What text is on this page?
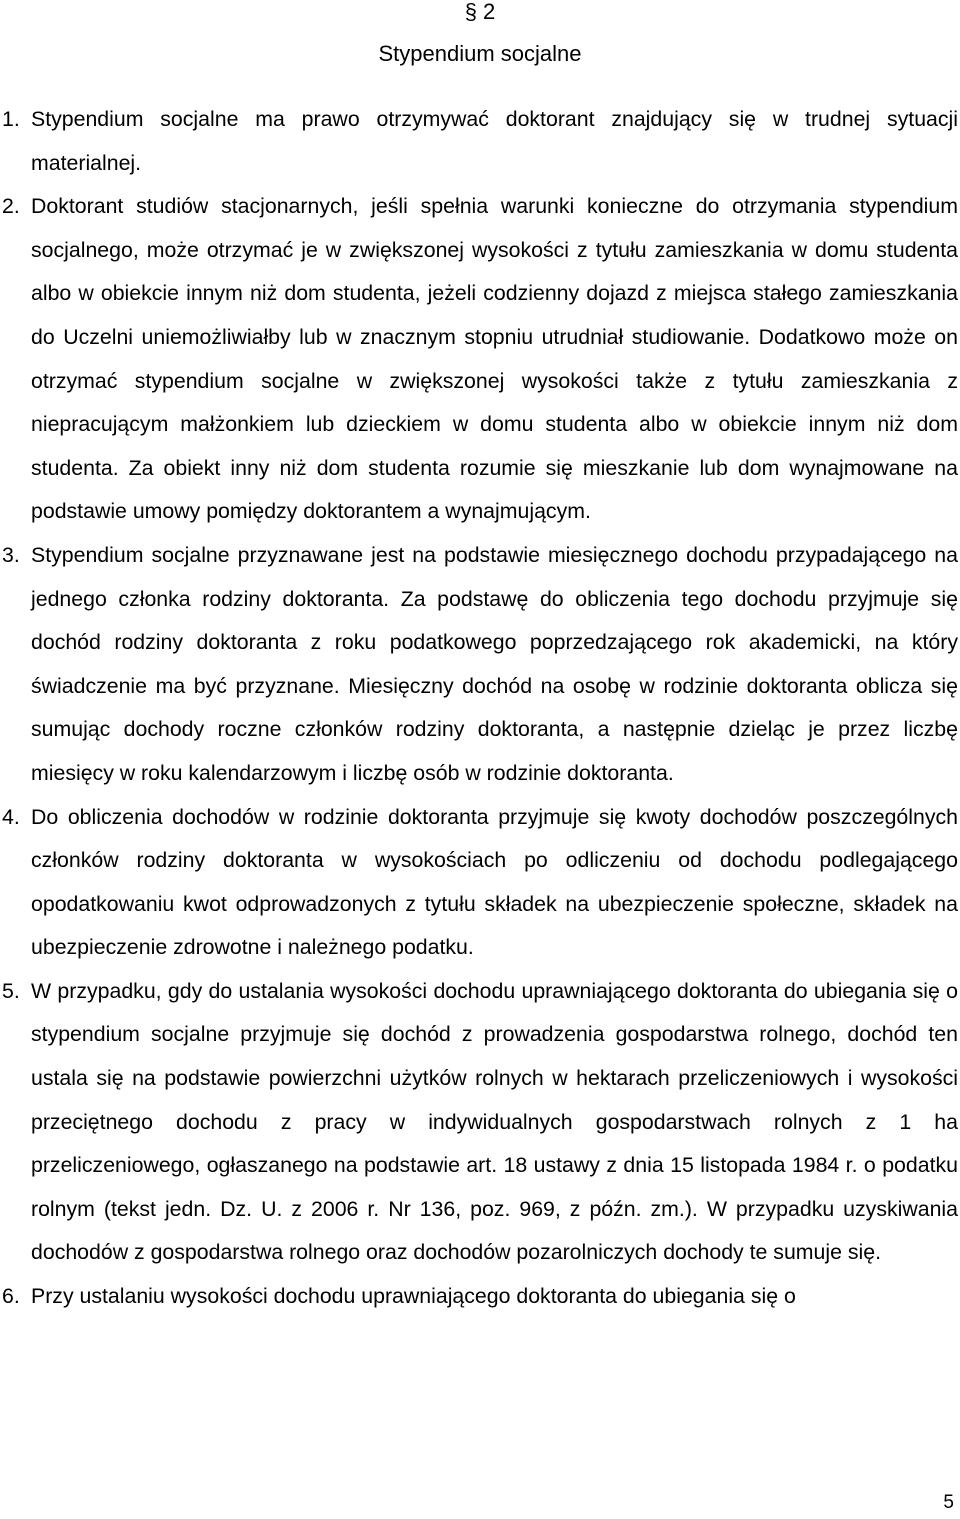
§ 2
Stypendium socjalne
1. Stypendium socjalne ma prawo otrzymywać doktorant znajdujący się w trudnej sytuacji materialnej.
2. Doktorant studiów stacjonarnych, jeśli spełnia warunki konieczne do otrzymania stypendium socjalnego, może otrzymać je w zwiększonej wysokości z tytułu zamieszkania w domu studenta albo w obiekcie innym niż dom studenta, jeżeli codzienny dojazd z miejsca stałego zamieszkania do Uczelni uniemożliwiałby lub w znacznym stopniu utrudniał studiowanie. Dodatkowo może on otrzymać stypendium socjalne w zwiększonej wysokości także z tytułu zamieszkania z niepracującym małżonkiem lub dzieckiem w domu studenta albo w obiekcie innym niż dom studenta. Za obiekt inny niż dom studenta rozumie się mieszkanie lub dom wynajmowane na podstawie umowy pomiędzy doktorantem a wynajmującym.
3. Stypendium socjalne przyznawane jest na podstawie miesięcznego dochodu przypadającego na jednego członka rodziny doktoranta. Za podstawę do obliczenia tego dochodu przyjmuje się dochód rodziny doktoranta z roku podatkowego poprzedzającego rok akademicki, na który świadczenie ma być przyznane. Miesięczny dochód na osobę w rodzinie doktoranta oblicza się sumując dochody roczne członków rodziny doktoranta, a następnie dzieląc je przez liczbę miesięcy w roku kalendarzowym i liczbę osób w rodzinie doktoranta.
4. Do obliczenia dochodów w rodzinie doktoranta przyjmuje się kwoty dochodów poszczególnych członków rodziny doktoranta w wysokościach po odliczeniu od dochodu podlegającego opodatkowaniu kwot odprowadzonych z tytułu składek na ubezpieczenie społeczne, składek na ubezpieczenie zdrowotne i należnego podatku.
5. W przypadku, gdy do ustalania wysokości dochodu uprawniającego doktoranta do ubiegania się o stypendium socjalne przyjmuje się dochód z prowadzenia gospodarstwa rolnego, dochód ten ustala się na podstawie powierzchni użytków rolnych w hektarach przeliczeniowych i wysokości przeciętnego dochodu z pracy w indywidualnych gospodarstwach rolnych z 1 ha przeliczeniowego, ogłaszanego na podstawie art. 18 ustawy z dnia 15 listopada 1984 r. o podatku rolnym (tekst jedn. Dz. U. z 2006 r. Nr 136, poz. 969, z późn. zm.). W przypadku uzyskiwania dochodów z gospodarstwa rolnego oraz dochodów pozarolniczych dochody te sumuje się.
6. Przy ustalaniu wysokości dochodu uprawniającego doktoranta do ubiegania się o
5
